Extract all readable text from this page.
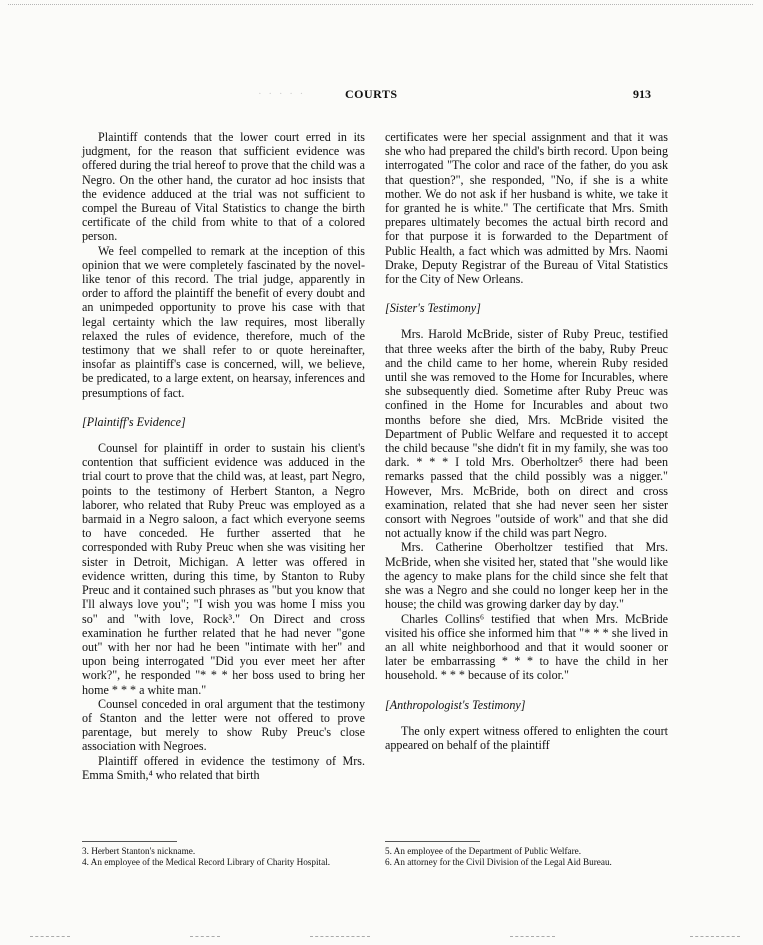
· · · · ·	COURTS	913

Plaintiff contends that the lower court erred in its judgment, for the reason that sufficient evidence was offered during the trial hereof to prove that the child was a Negro. On the other hand, the curator ad hoc insists that the evidence adduced at the trial was not sufficient to compel the Bureau of Vital Statistics to change the birth certificate of the child from white to that of a colored person.

We feel compelled to remark at the inception of this opinion that we were completely fascinated by the novel-like tenor of this record. The trial judge, apparently in order to afford the plaintiff the benefit of every doubt and an unimpeded opportunity to prove his case with that legal certainty which the law requires, most liberally relaxed the rules of evidence, therefore, much of the testimony that we shall refer to or quote hereinafter, insofar as plaintiff's case is concerned, will, we believe, be predicated, to a large extent, on hearsay, inferences and presumptions of fact.

[Plaintiff's Evidence]

Counsel for plaintiff in order to sustain his client's contention that sufficient evidence was adduced in the trial court to prove that the child was, at least, part Negro, points to the testimony of Herbert Stanton, a Negro laborer, who related that Ruby Preuc was employed as a barmaid in a Negro saloon, a fact which everyone seems to have conceded. He further asserted that he corresponded with Ruby Preuc when she was visiting her sister in Detroit, Michigan. A letter was offered in evidence written, during this time, by Stanton to Ruby Preuc and it contained such phrases as "but you know that I'll always love you"; "I wish you was home I miss you so" and "with love, Rock³." On Direct and cross examination he further related that he had never "gone out" with her nor had he been "intimate with her" and upon being interrogated "Did you ever meet her after work?", he responded "* * * her boss used to bring her home * * * a white man."

Counsel conceded in oral argument that the testimony of Stanton and the letter were not offered to prove parentage, but merely to show Ruby Preuc's close association with Negroes.

Plaintiff offered in evidence the testimony of Mrs. Emma Smith,⁴ who related that birth

certificates were her special assignment and that it was she who had prepared the child's birth record. Upon being interrogated "The color and race of the father, do you ask that question?", she responded, "No, if she is a white mother. We do not ask if her husband is white, we take it for granted he is white." The certificate that Mrs. Smith prepares ultimately becomes the actual birth record and for that purpose it is forwarded to the Department of Public Health, a fact which was admitted by Mrs. Naomi Drake, Deputy Registrar of the Bureau of Vital Statistics for the City of New Orleans.

[Sister's Testimony]

Mrs. Harold McBride, sister of Ruby Preuc, testified that three weeks after the birth of the baby, Ruby Preuc and the child came to her home, wherein Ruby resided until she was removed to the Home for Incurables, where she subsequently died. Sometime after Ruby Preuc was confined in the Home for Incurables and about two months before she died, Mrs. McBride visited the Department of Public Welfare and requested it to accept the child because "she didn't fit in my family, she was too dark. * * * I told Mrs. Oberholtzer⁵ there had been remarks passed that the child possibly was a nigger." However, Mrs. McBride, both on direct and cross examination, related that she had never seen her sister consort with Negroes "outside of work" and that she did not actually know if the child was part Negro.

Mrs. Catherine Oberholtzer testified that Mrs. McBride, when she visited her, stated that "she would like the agency to make plans for the child since she felt that she was a Negro and she could no longer keep her in the house; the child was growing darker day by day."

Charles Collins⁶ testified that when Mrs. McBride visited his office she informed him that "* * * she lived in an all white neighborhood and that it would sooner or later be embarrassing * * * to have the child in her household. * * * because of its color."

[Anthropologist's Testimony]

The only expert witness offered to enlighten the court appeared on behalf of the plaintiff

3. Herbert Stanton's nickname.

4. An employee of the Medical Record Library of Charity Hospital.

5. An employee of the Department of Public Welfare.

6. An attorney for the Civil Division of the Legal Aid Bureau.
